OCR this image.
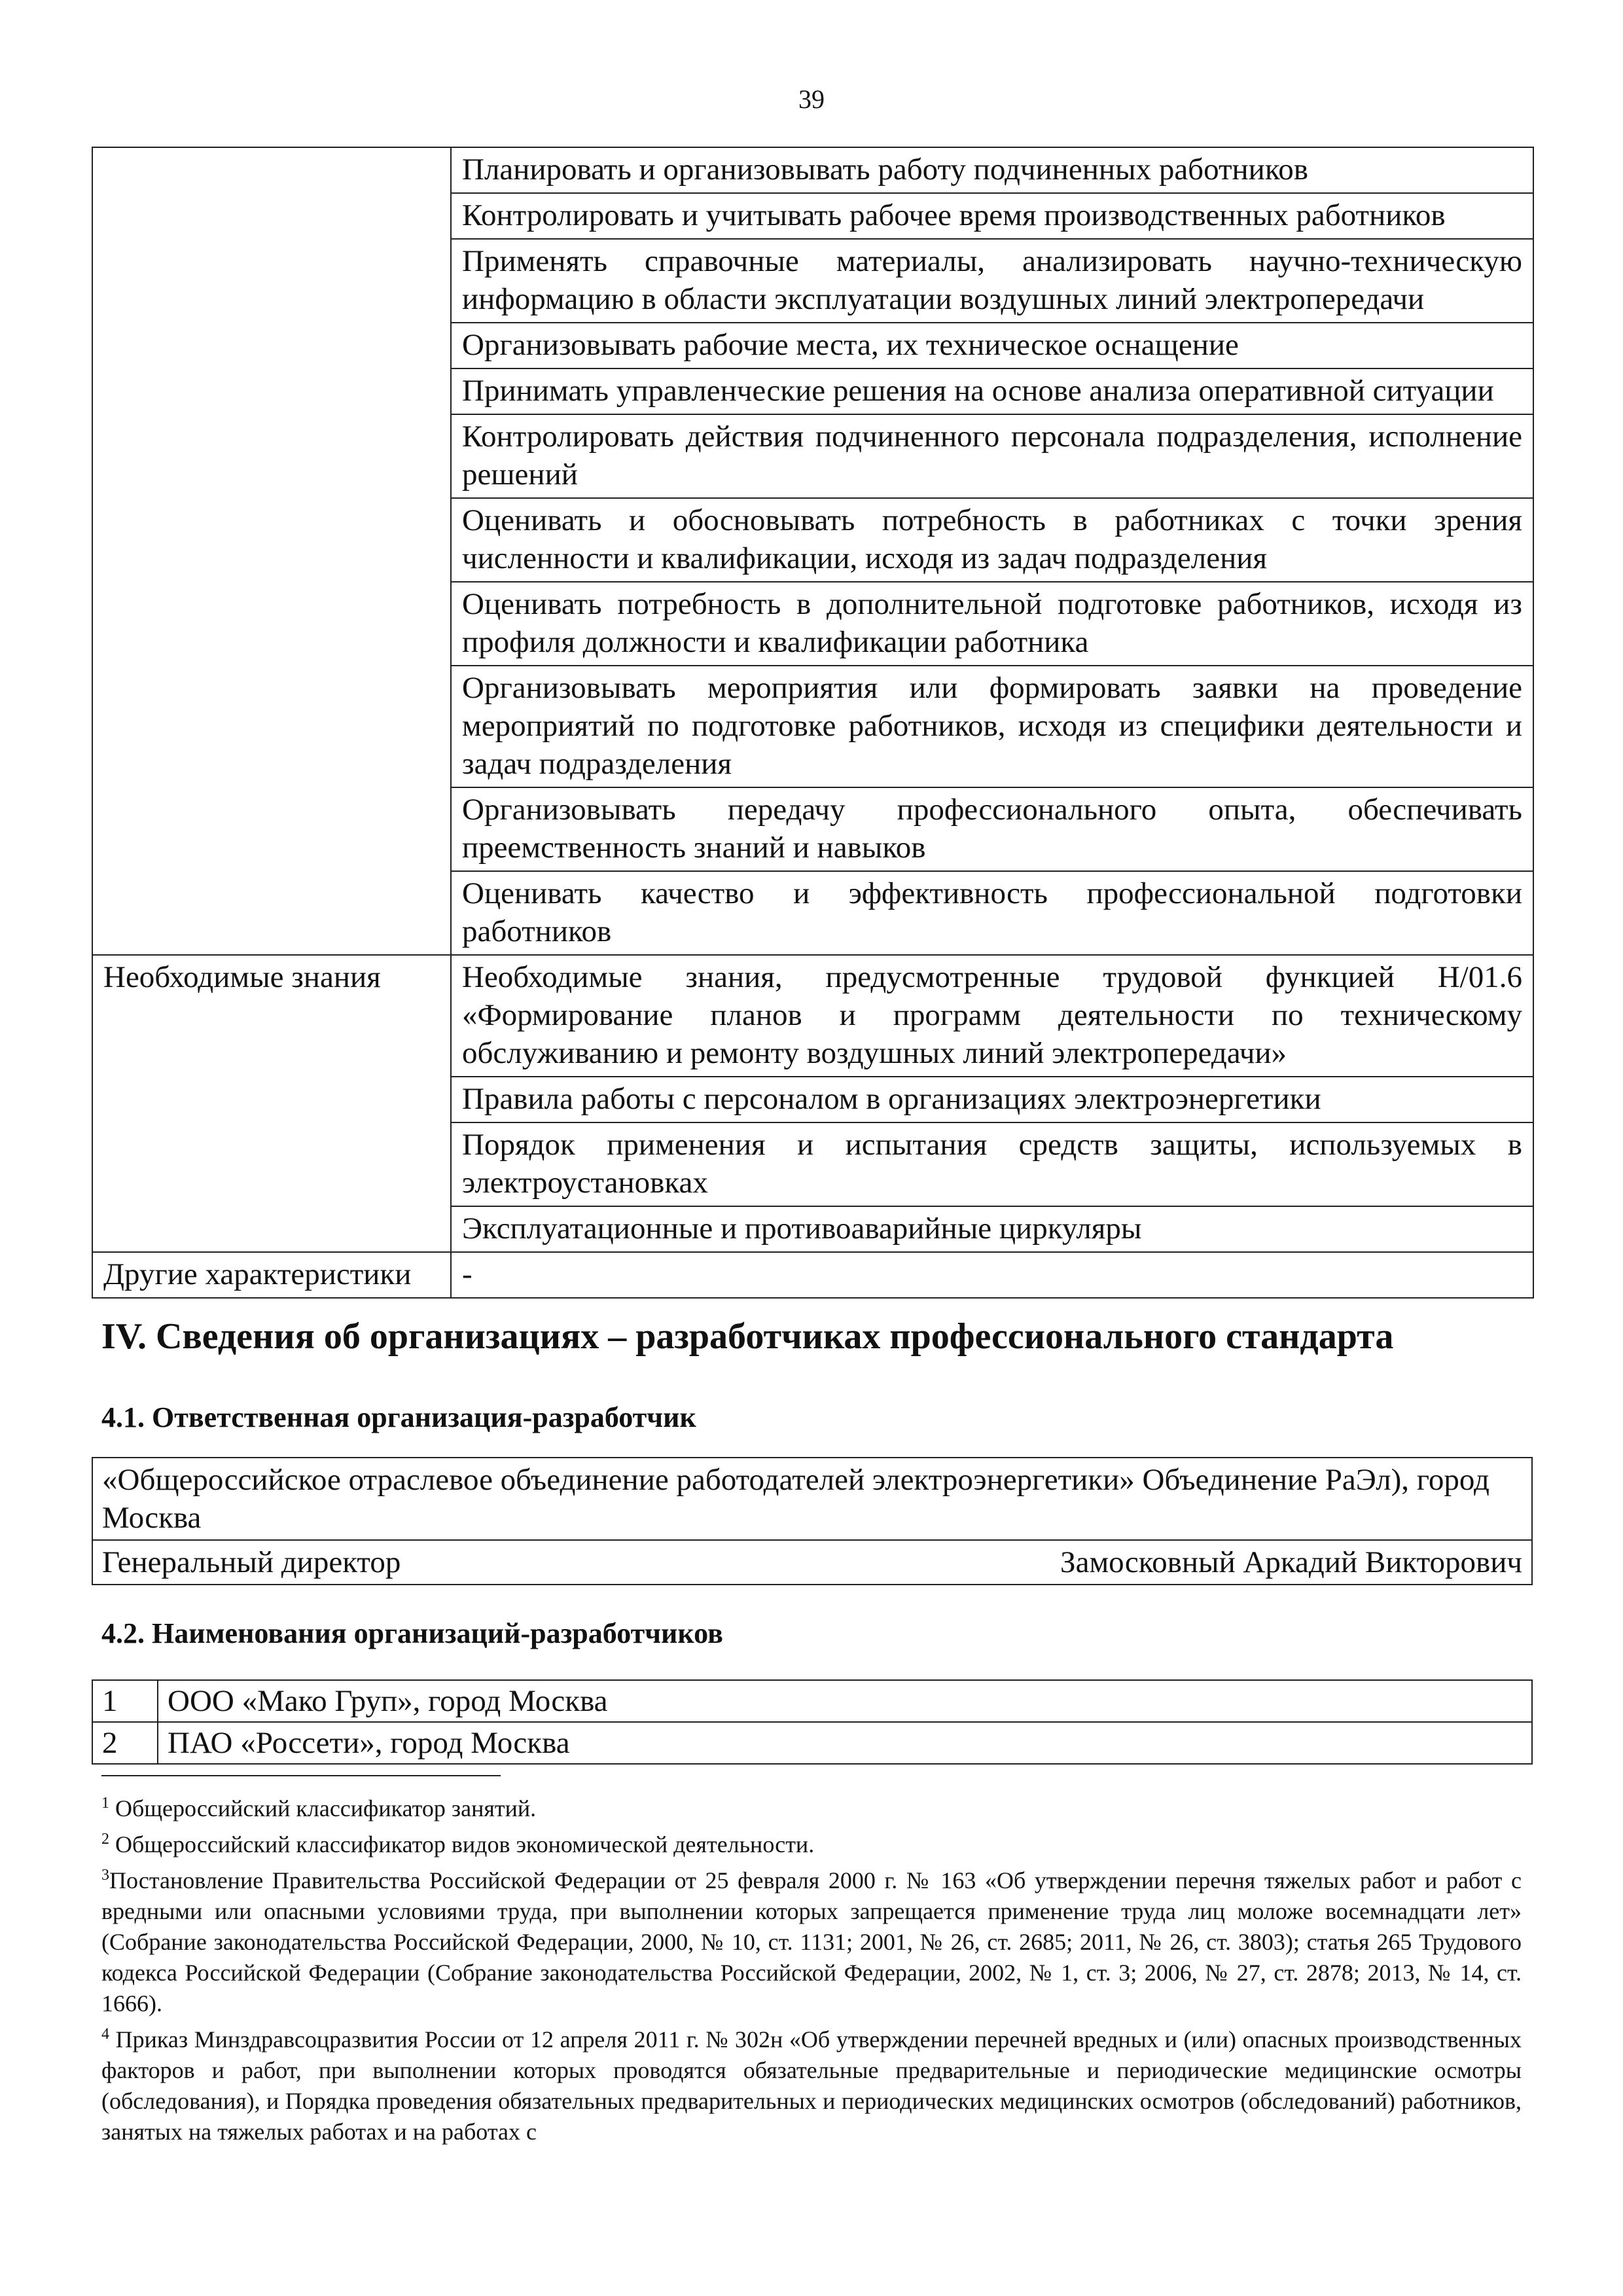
39
	Планировать и организовывать работу подчиненных работников
	Контролировать и учитывать рабочее время производственных работников
	Применять справочные материалы, анализировать научно-техническую информацию в области эксплуатации воздушных линий электропередачи
	Организовывать рабочие места, их техническое оснащение
	Принимать управленческие решения на основе анализа оперативной ситуации
	Контролировать действия подчиненного персонала подразделения, исполнение решений
	Оценивать и обосновывать потребность в работниках с точки зрения численности и квалификации, исходя из задач подразделения
	Оценивать потребность в дополнительной подготовке работников, исходя из профиля должности и квалификации работника
	Организовывать мероприятия или формировать заявки на проведение мероприятий по подготовке работников, исходя из специфики деятельности и задач подразделения
	Организовывать передачу профессионального опыта, обеспечивать преемственность знаний и навыков
	Оценивать качество и эффективность профессиональной подготовки работников
Необходимые знания	Необходимые знания, предусмотренные трудовой функцией H/01.6 «Формирование планов и программ деятельности по техническому обслуживанию и ремонту воздушных линий электропередачи»
	Правила работы с персоналом в организациях электроэнергетики
	Порядок применения и испытания средств защиты, используемых в электроустановках
	Эксплуатационные и противоаварийные циркуляры
Другие характеристики	-
IV. Сведения об организациях – разработчиках профессионального стандарта
4.1. Ответственная организация-разработчик
«Общероссийское отраслевое объединение работодателей электроэнергетики» Объединение РаЭл), город Москва

Генеральный директор	Замосковный Аркадий Викторович
4.2. Наименования организаций-разработчиков
1	ООО «Мако Груп», город Москва
2	ПАО «Россети», город Москва

$^1$ Общероссийский классификатор занятий.

$^2$ Общероссийский классификатор видов экономической деятельности.

$^3$Постановление Правительства Российской Федерации от 25 февраля 2000 г. № 163 «Об утверждении перечня тяжелых работ и работ с вредными или опасными условиями труда, при выполнении которых запрещается применение труда лиц моложе восемнадцати лет» (Собрание законодательства Российской Федерации, 2000, № 10, ст. 1131; 2001, № 26, ст. 2685; 2011, № 26, ст. 3803); статья 265 Трудового кодекса Российской Федерации (Собрание законодательства Российской Федерации, 2002, № 1, ст. 3; 2006, № 27, ст. 2878; 2013, № 14, ст. 1666).

$^4$ Приказ Минздравсоцразвития России от 12 апреля 2011 г. № 302н «Об утверждении перечней вредных и (или) опасных производственных факторов и работ, при выполнении которых проводятся обязательные предварительные и периодические медицинские осмотры (обследования), и Порядка проведения обязательных предварительных и периодических медицинских осмотров (обследований) работников, занятых на тяжелых работах и на работах с
